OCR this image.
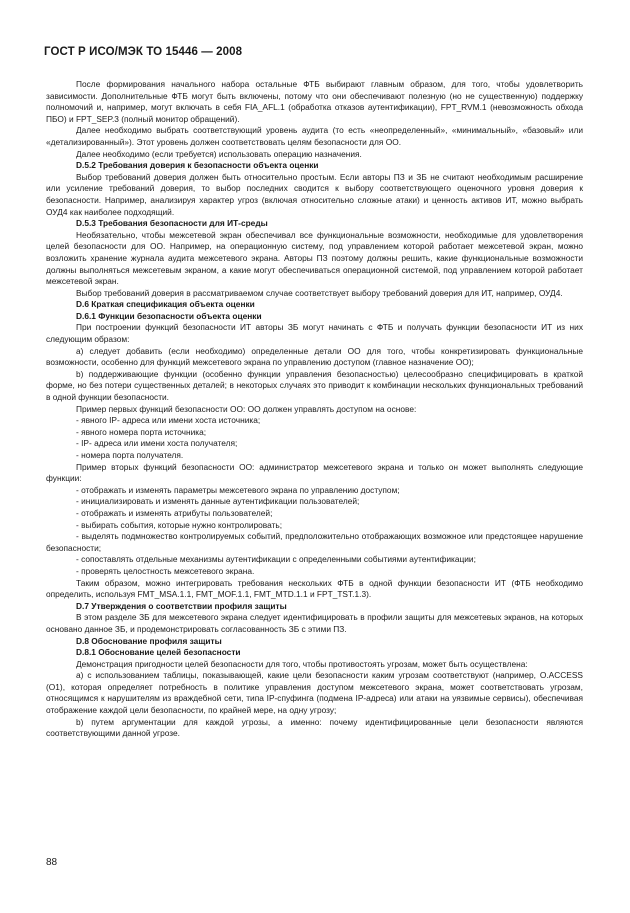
ГОСТ Р ИСО/МЭК ТО 15446 — 2008

После формирования начального набора остальные ФТБ выбирают главным образом, для того, чтобы удовлетворить зависимости. Дополнительные ФТБ могут быть включены, потому что они обеспечивают полезную (но не существенную) поддержку полномочий и, например, могут включать в себя FIA_AFL.1 (обработка отказов аутентификации), FPT_RVM.1 (невозможность обхода ПБО) и FPT_SEP.3 (полный монитор обращений).

Далее необходимо выбрать соответствующий уровень аудита (то есть «неопределенный», «минимальный», «базовый» или «детализированный»). Этот уровень должен соответствовать целям безопасности для ОО.

Далее необходимо (если требуется) использовать операцию назначения.

D.5.2 Требования доверия к безопасности объекта оценки

Выбор требований доверия должен быть относительно простым. Если авторы ПЗ и ЗБ не считают необходимым расширение или усиление требований доверия, то выбор последних сводится к выбору соответствующего оценочного уровня доверия к безопасности. Например, анализируя характер угроз (включая относительно сложные атаки) и ценность активов ИТ, можно выбрать ОУД4 как наиболее подходящий.

D.5.3 Требования безопасности для ИТ-среды

Необязательно, чтобы межсетевой экран обеспечивал все функциональные возможности, необходимые для удовлетворения целей безопасности для ОО. Например, на операционную систему, под управлением которой работает межсетевой экран, можно возложить хранение журнала аудита межсетевого экрана. Авторы ПЗ поэтому должны решить, какие функциональные возможности должны выполняться межсетевым экраном, а какие могут обеспечиваться операционной системой, под управлением которой работает межсетевой экран.

Выбор требований доверия в рассматриваемом случае соответствует выбору требований доверия для ИТ, например, ОУД4.

D.6 Краткая спецификация объекта оценки

D.6.1 Функции безопасности объекта оценки

При построении функций безопасности ИТ авторы ЗБ могут начинать с ФТБ и получать функции безопасности ИТ из них следующим образом:

a) следует добавить (если необходимо) определенные детали ОО для того, чтобы конкретизировать функциональные возможности, особенно для функций межсетевого экрана по управлению доступом (главное назначение ОО);

b) поддерживающие функции (особенно функции управления безопасностью) целесообразно специфицировать в краткой форме, но без потери существенных деталей; в некоторых случаях это приводит к комбинации нескольких функциональных требований в одной функции безопасности.

Пример первых функций безопасности ОО: ОО должен управлять доступом на основе:

- явного IP- адреса или имени хоста источника;

- явного номера порта источника;

- IP- адреса или имени хоста получателя;

- номера порта получателя.

Пример вторых функций безопасности ОО: администратор межсетевого экрана и только он может выполнять следующие функции:

- отображать и изменять параметры межсетевого экрана по управлению доступом;

- инициализировать и изменять данные аутентификации пользователей;

- отображать и изменять атрибуты пользователей;

- выбирать события, которые нужно контролировать;

- выделять подмножество контролируемых событий, предположительно отображающих возможное или предстоящее нарушение безопасности;

- сопоставлять отдельные механизмы аутентификации с определенными событиями аутентификации;

- проверять целостность межсетевого экрана.

Таким образом, можно интегрировать требования нескольких ФТБ в одной функции безопасности ИТ (ФТБ необходимо определить, используя FMT_MSA.1.1, FMT_MOF.1.1, FMT_MTD.1.1 и FPT_TST.1.3).

D.7 Утверждения о соответствии профиля защиты

В этом разделе ЗБ для межсетевого экрана следует идентифицировать в профили защиты для межсетевых экранов, на которых основано данное ЗБ, и продемонстрировать согласованность ЗБ с этими ПЗ.

D.8 Обоснование профиля защиты

D.8.1 Обоснование целей безопасности

Демонстрация пригодности целей безопасности для того, чтобы противостоять угрозам, может быть осуществлена:

a) с использованием таблицы, показывающей, какие цели безопасности каким угрозам соответствуют (например, O.ACCESS (O1), которая определяет потребность в политике управления доступом межсетевого экрана, может соответствовать угрозам, относящимся к нарушителям из враждебной сети, типа IP-спуфинга (подмена IP-адреса) или атаки на уязвимые сервисы), обеспечивая отображение каждой цели безопасности, по крайней мере, на одну угрозу;

b) путем аргументации для каждой угрозы, а именно: почему идентифицированные цели безопасности являются соответствующими данной угрозе.

88
